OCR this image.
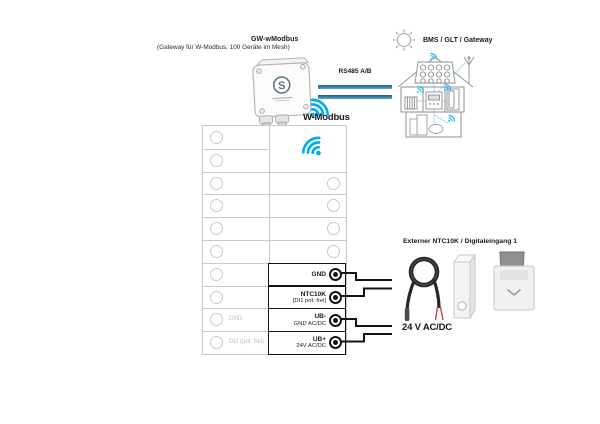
GW-wModbus
(Gateway für W-Modbus, 100 Geräte im Mesh)
S
RS485 A/B
BMS / GLT / Gateway
W-Modbus
GND
DI2 (pot. frei)
GND
NTC10K
[DI1 pot. frei]
UB-
GND AC/DC
UB+
24V AC/DC
Externer NTC10K / Digitaleingang 1
24 V AC/DC
